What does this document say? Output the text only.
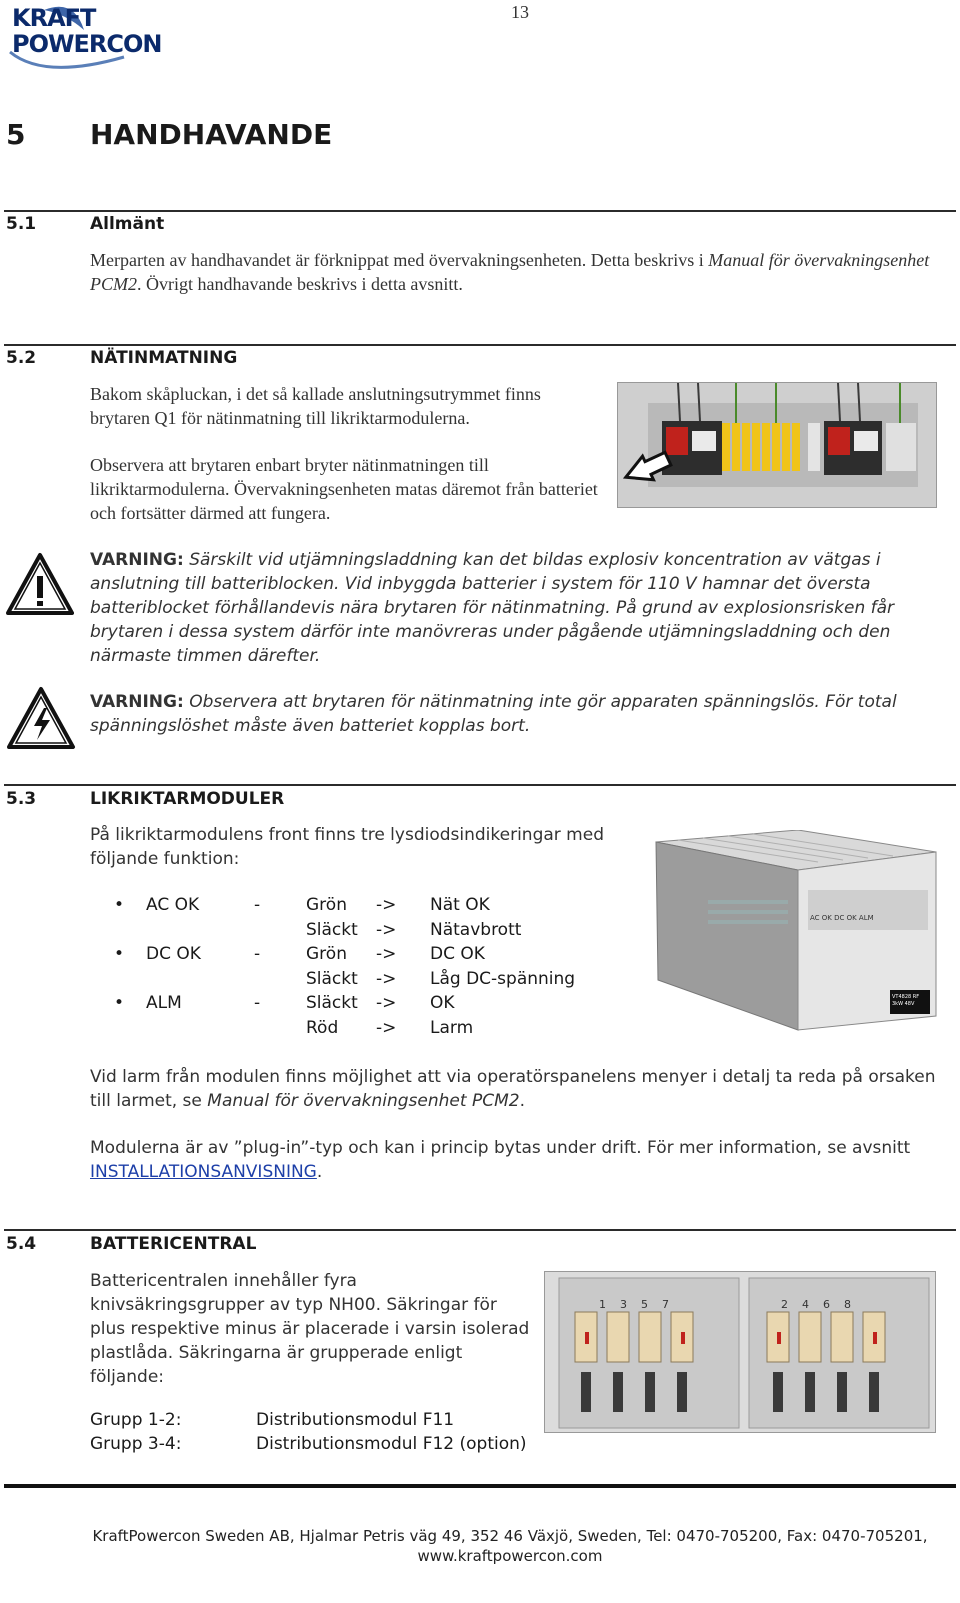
13
KRAFT
POWERCON
5 HANDHAVANDE
5.1	Allmänt
Merparten av handhavandet är förknippat med övervakningsenheten. Detta beskrivs i Manual för övervakningsenhet PCM2. Övrigt handhavande beskrivs i detta avsnitt.
5.2	NÄTINMATNING
Bakom skåpluckan, i det så kallade anslutningsutrymmet finns brytaren Q1 för nätinmatning till likriktarmodulerna.
Observera att brytaren enbart bryter nätinmatningen till likriktarmodulerna. Övervakningsenheten matas däremot från batteriet och fortsätter därmed att fungera.
VARNING: Särskilt vid utjämningsladdning kan det bildas explosiv koncentration av vätgas i anslutning till batteriblocken. Vid inbyggda batterier i system för 110 V hamnar det översta batteriblocket förhållandevis nära brytaren för nätinmatning. På grund av explosionsrisken får brytaren i dessa system därför inte manövreras under pågående utjämningsladdning och den närmaste timmen därefter.
VARNING: Observera att brytaren för nätinmatning inte gör apparaten spänningslös. För total spänningslöshet måste även batteriet kopplas bort.
5.3	LIKRIKTARMODULER
På likriktarmodulens front finns tre lysdiodsindikeringar med följande funktion:
• AC OK	-	Grön -> Nät OK
Släckt -> Nätavbrott
• DC OK	-	Grön -> DC OK
Släckt -> Låg DC-spänning
• ALM	-	Släckt -> OK
Röd -> Larm
AC OK DC OK ALM
VT4828 RF 3kW 48V
Vid larm från modulen finns möjlighet att via operatörspanelens menyer i detalj ta reda på orsaken till larmet, se Manual för övervakningsenhet PCM2.
Modulerna är av ”plug-in”-typ och kan i princip bytas under drift. För mer information, se avsnitt INSTALLATIONSANVISNING.
5.4	BATTERICENTRAL
Battericentralen innehåller fyra knivsäkringsgrupper av typ NH00. Säkringar för plus respektive minus är placerade i varsin isolerad plastlåda. Säkringarna är grupperade enligt följande:
Grupp 1-2:	Distributionsmodul F11
Grupp 3-4:	Distributionsmodul F12 (option)
1    3    5    7	2    4    6    8
KraftPowercon Sweden AB, Hjalmar Petris väg 49, 352 46 Växjö, Sweden, Tel: 0470-705200, Fax: 0470-705201,
www.kraftpowercon.com
